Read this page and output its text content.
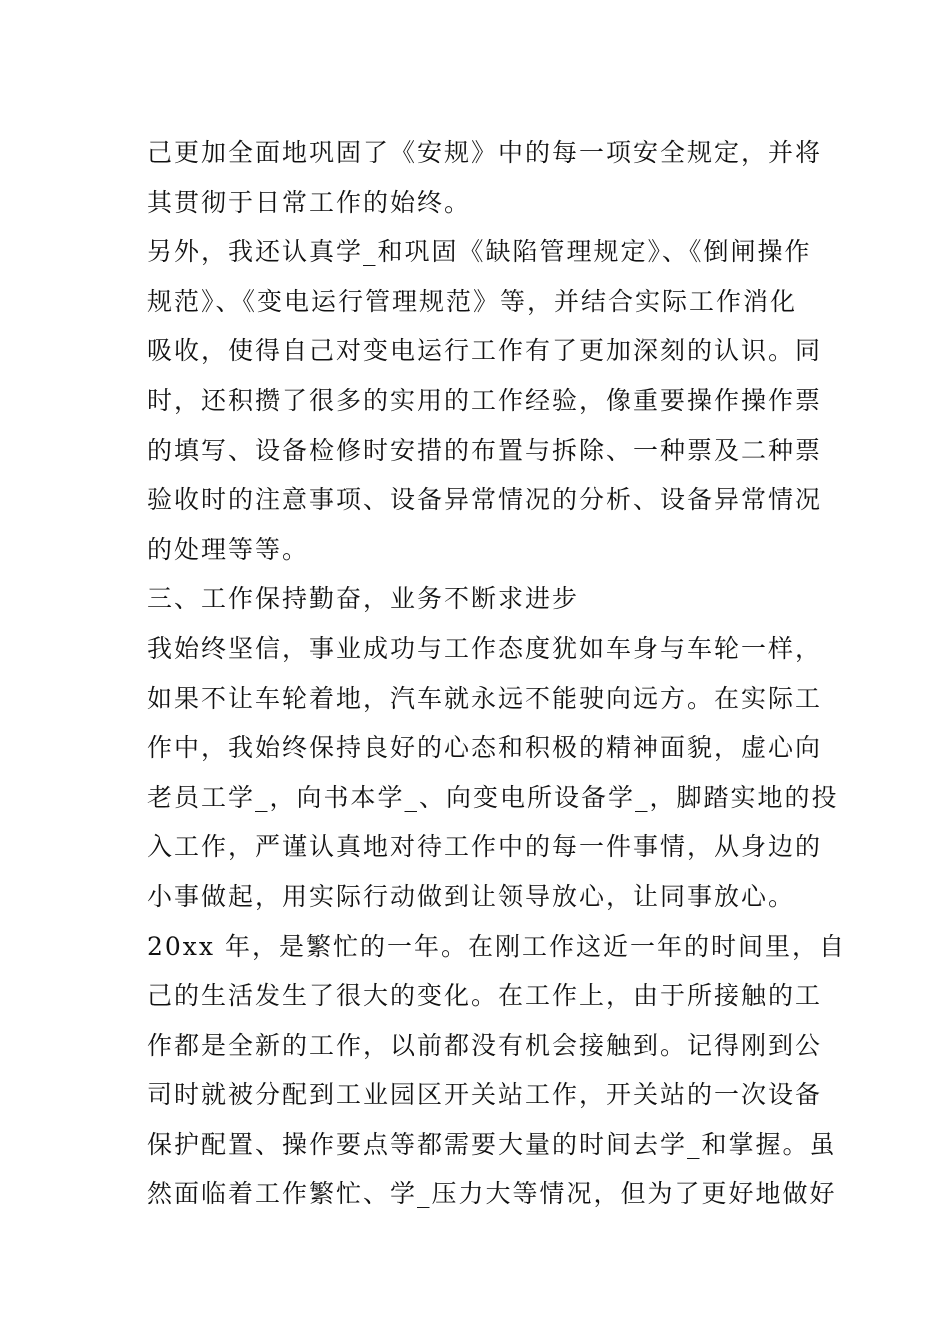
己更加全面地巩固了《安规》中的每一项安全规定，并将
其贯彻于日常工作的始终。
另外，我还认真学_和巩固《缺陷管理规定》、《倒闸操作
规范》、《变电运行管理规范》等，并结合实际工作消化
吸收，使得自己对变电运行工作有了更加深刻的认识。同
时，还积攒了很多的实用的工作经验，像重要操作操作票
的填写、设备检修时安措的布置与拆除、一种票及二种票
验收时的注意事项、设备异常情况的分析、设备异常情况
的处理等等。
三、工作保持勤奋，业务不断求进步
我始终坚信，事业成功与工作态度犹如车身与车轮一样，
如果不让车轮着地，汽车就永远不能驶向远方。在实际工
作中，我始终保持良好的心态和积极的精神面貌，虚心向
老员工学_，向书本学_、向变电所设备学_，脚踏实地的投
入工作，严谨认真地对待工作中的每一件事情，从身边的
小事做起，用实际行动做到让领导放心，让同事放心。
20xx 年，是繁忙的一年。在刚工作这近一年的时间里，自
己的生活发生了很大的变化。在工作上，由于所接触的工
作都是全新的工作，以前都没有机会接触到。记得刚到公
司时就被分配到工业园区开关站工作，开关站的一次设备
保护配置、操作要点等都需要大量的时间去学_和掌握。虽
然面临着工作繁忙、学_压力大等情况，但为了更好地做好
